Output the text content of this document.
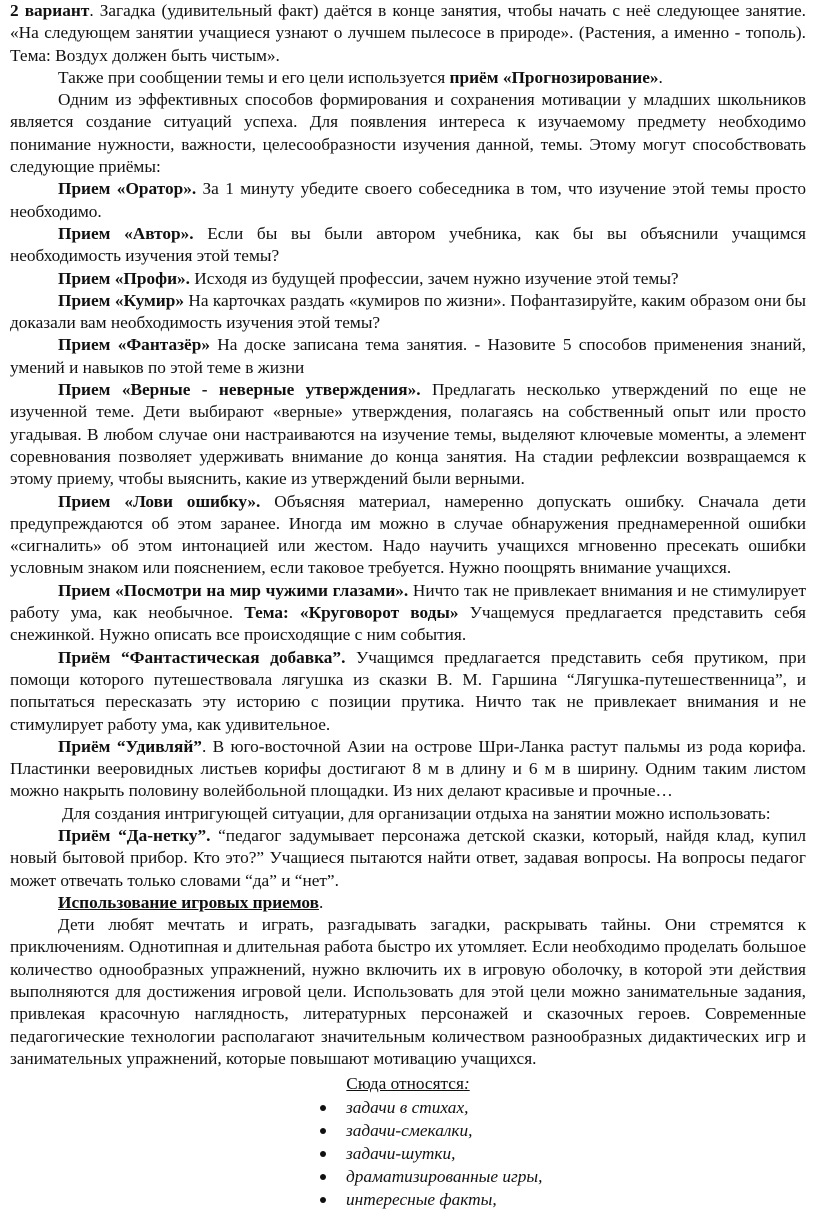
2 вариант. Загадка (удивительный факт) даётся в конце занятия, чтобы начать с неё следующее занятие. «На следующем занятии учащиеся узнают о лучшем пылесосе в природе». (Растения, а именно - тополь). Тема: Воздух должен быть чистым».

Также при сообщении темы и его цели используется приём «Прогнозирование».

Одним из эффективных способов формирования и сохранения мотивации у младших школьников является создание ситуаций успеха. Для появления интереса к изучаемому предмету необходимо понимание нужности, важности, целесообразности изучения данной, темы. Этому могут способствовать следующие приёмы:

Прием «Оратор». За 1 минуту убедите своего собеседника в том, что изучение этой темы просто необходимо.

Прием «Автор». Если бы вы были автором учебника, как бы вы объяснили учащимся необходимость изучения этой темы?

Прием «Профи». Исходя из будущей профессии, зачем нужно изучение этой темы?

Прием «Кумир» На карточках раздать «кумиров по жизни». Пофантазируйте, каким образом они бы доказали вам необходимость изучения этой темы?

Прием «Фантазёр» На доске записана тема занятия. - Назовите 5 способов применения знаний, умений и навыков по этой теме в жизни

Прием «Верные - неверные утверждения». Предлагать несколько утверждений по еще не изученной теме. Дети выбирают «верные» утверждения, полагаясь на собственный опыт или просто угадывая. В любом случае они настраиваются на изучение темы, выделяют ключевые моменты, а элемент соревнования позволяет удерживать внимание до конца занятия. На стадии рефлексии возвращаемся к этому приему, чтобы выяснить, какие из утверждений были верными.

Прием «Лови ошибку». Объясняя материал, намеренно допускать ошибку. Сначала дети предупреждаются об этом заранее. Иногда им можно в случае обнаружения преднамеренной ошибки «сигналить» об этом интонацией или жестом. Надо научить учащихся мгновенно пресекать ошибки условным знаком или пояснением, если таковое требуется. Нужно поощрять внимание учащихся.

Прием «Посмотри на мир чужими глазами». Ничто так не привлекает внимания и не стимулирует работу ума, как необычное. Тема: «Круговорот воды» Учащемуся предлагается представить себя снежинкой. Нужно описать все происходящие с ним события.

Приём “Фантастическая добавка”. Учащимся предлагается представить себя прутиком, при помощи которого путешествовала лягушка из сказки В. М. Гаршина “Лягушка-путешественница”, и попытаться пересказать эту историю с позиции прутика. Ничто так не привлекает внимания и не стимулирует работу ума, как удивительное.

Приём “Удивляй”. В юго-восточной Азии на острове Шри-Ланка растут пальмы из рода корифа. Пластинки вееровидных листьев корифы достигают 8 м в длину и 6 м в ширину. Одним таким листом можно накрыть половину волейбольной площадки. Из них делают красивые и прочные…

Для создания интригующей ситуации, для организации отдыха на занятии можно использовать:

Приём “Да-нетку”. “педагог задумывает персонажа детской сказки, который, найдя клад, купил новый бытовой прибор. Кто это?” Учащиеся пытаются найти ответ, задавая вопросы. На вопросы педагог может отвечать только словами “да” и “нет”.

Использование игровых приемов.

Дети любят мечтать и играть, разгадывать загадки, раскрывать тайны. Они стремятся к приключениям. Однотипная и длительная работа быстро их утомляет. Если необходимо проделать большое количество однообразных упражнений, нужно включить их в игровую оболочку, в которой эти действия выполняются для достижения игровой цели. Использовать для этой цели можно занимательные задания, привлекая красочную наглядность, литературных персонажей и сказочных героев. Современные педагогические технологии располагают значительным количеством разнообразных дидактических игр и занимательных упражнений, которые повышают мотивацию учащихся.

Сюда относятся:

задачи в стихах,
задачи-смекалки,
задачи-шутки,
драматизированные игры,
интересные факты,
